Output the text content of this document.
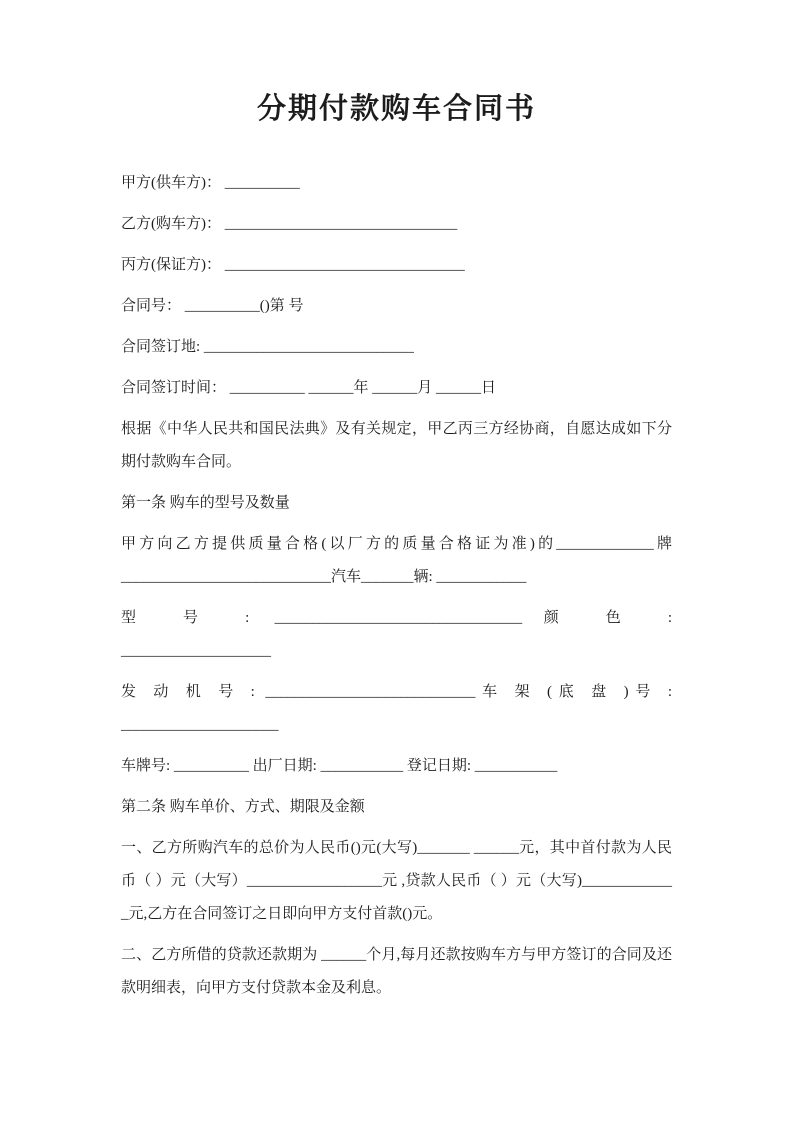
分期付款购车合同书

甲方(供车方)： __________

乙方(购车方)： _______________________________

丙方(保证方)： ________________________________

合同号： __________()第 号

合同签订地: ____________________________

合同签订时间： __________ ______年 ______月 ______日

根据《中华人民共和国民法典》及有关规定，甲乙丙三方经协商，自愿达成如下分期付款购车合同。

第一条 购车的型号及数量

甲方向乙方提供质量合格(以厂方的质量合格证为准)的_____________牌

____________________________汽车_______辆: ____________

型 号 : _________________________________颜 色 :

____________________

发 动 机 号 : ____________________________车 架 (底 盘 )号 :

_____________________

车牌号: __________ 出厂日期: ___________ 登记日期: ___________

第二条 购车单价、方式、期限及金额

一、乙方所购汽车的总价为人民币()元(大写)_______ ______元，其中首付款为人民币（ ）元（大写）__________________元 ,贷款人民币（ ）元（大写)_____________元,乙方在合同签订之日即向甲方支付首款()元。

二、乙方所借的贷款还款期为 ______个月,每月还款按购车方与甲方签订的合同及还款明细表，向甲方支付贷款本金及利息。
